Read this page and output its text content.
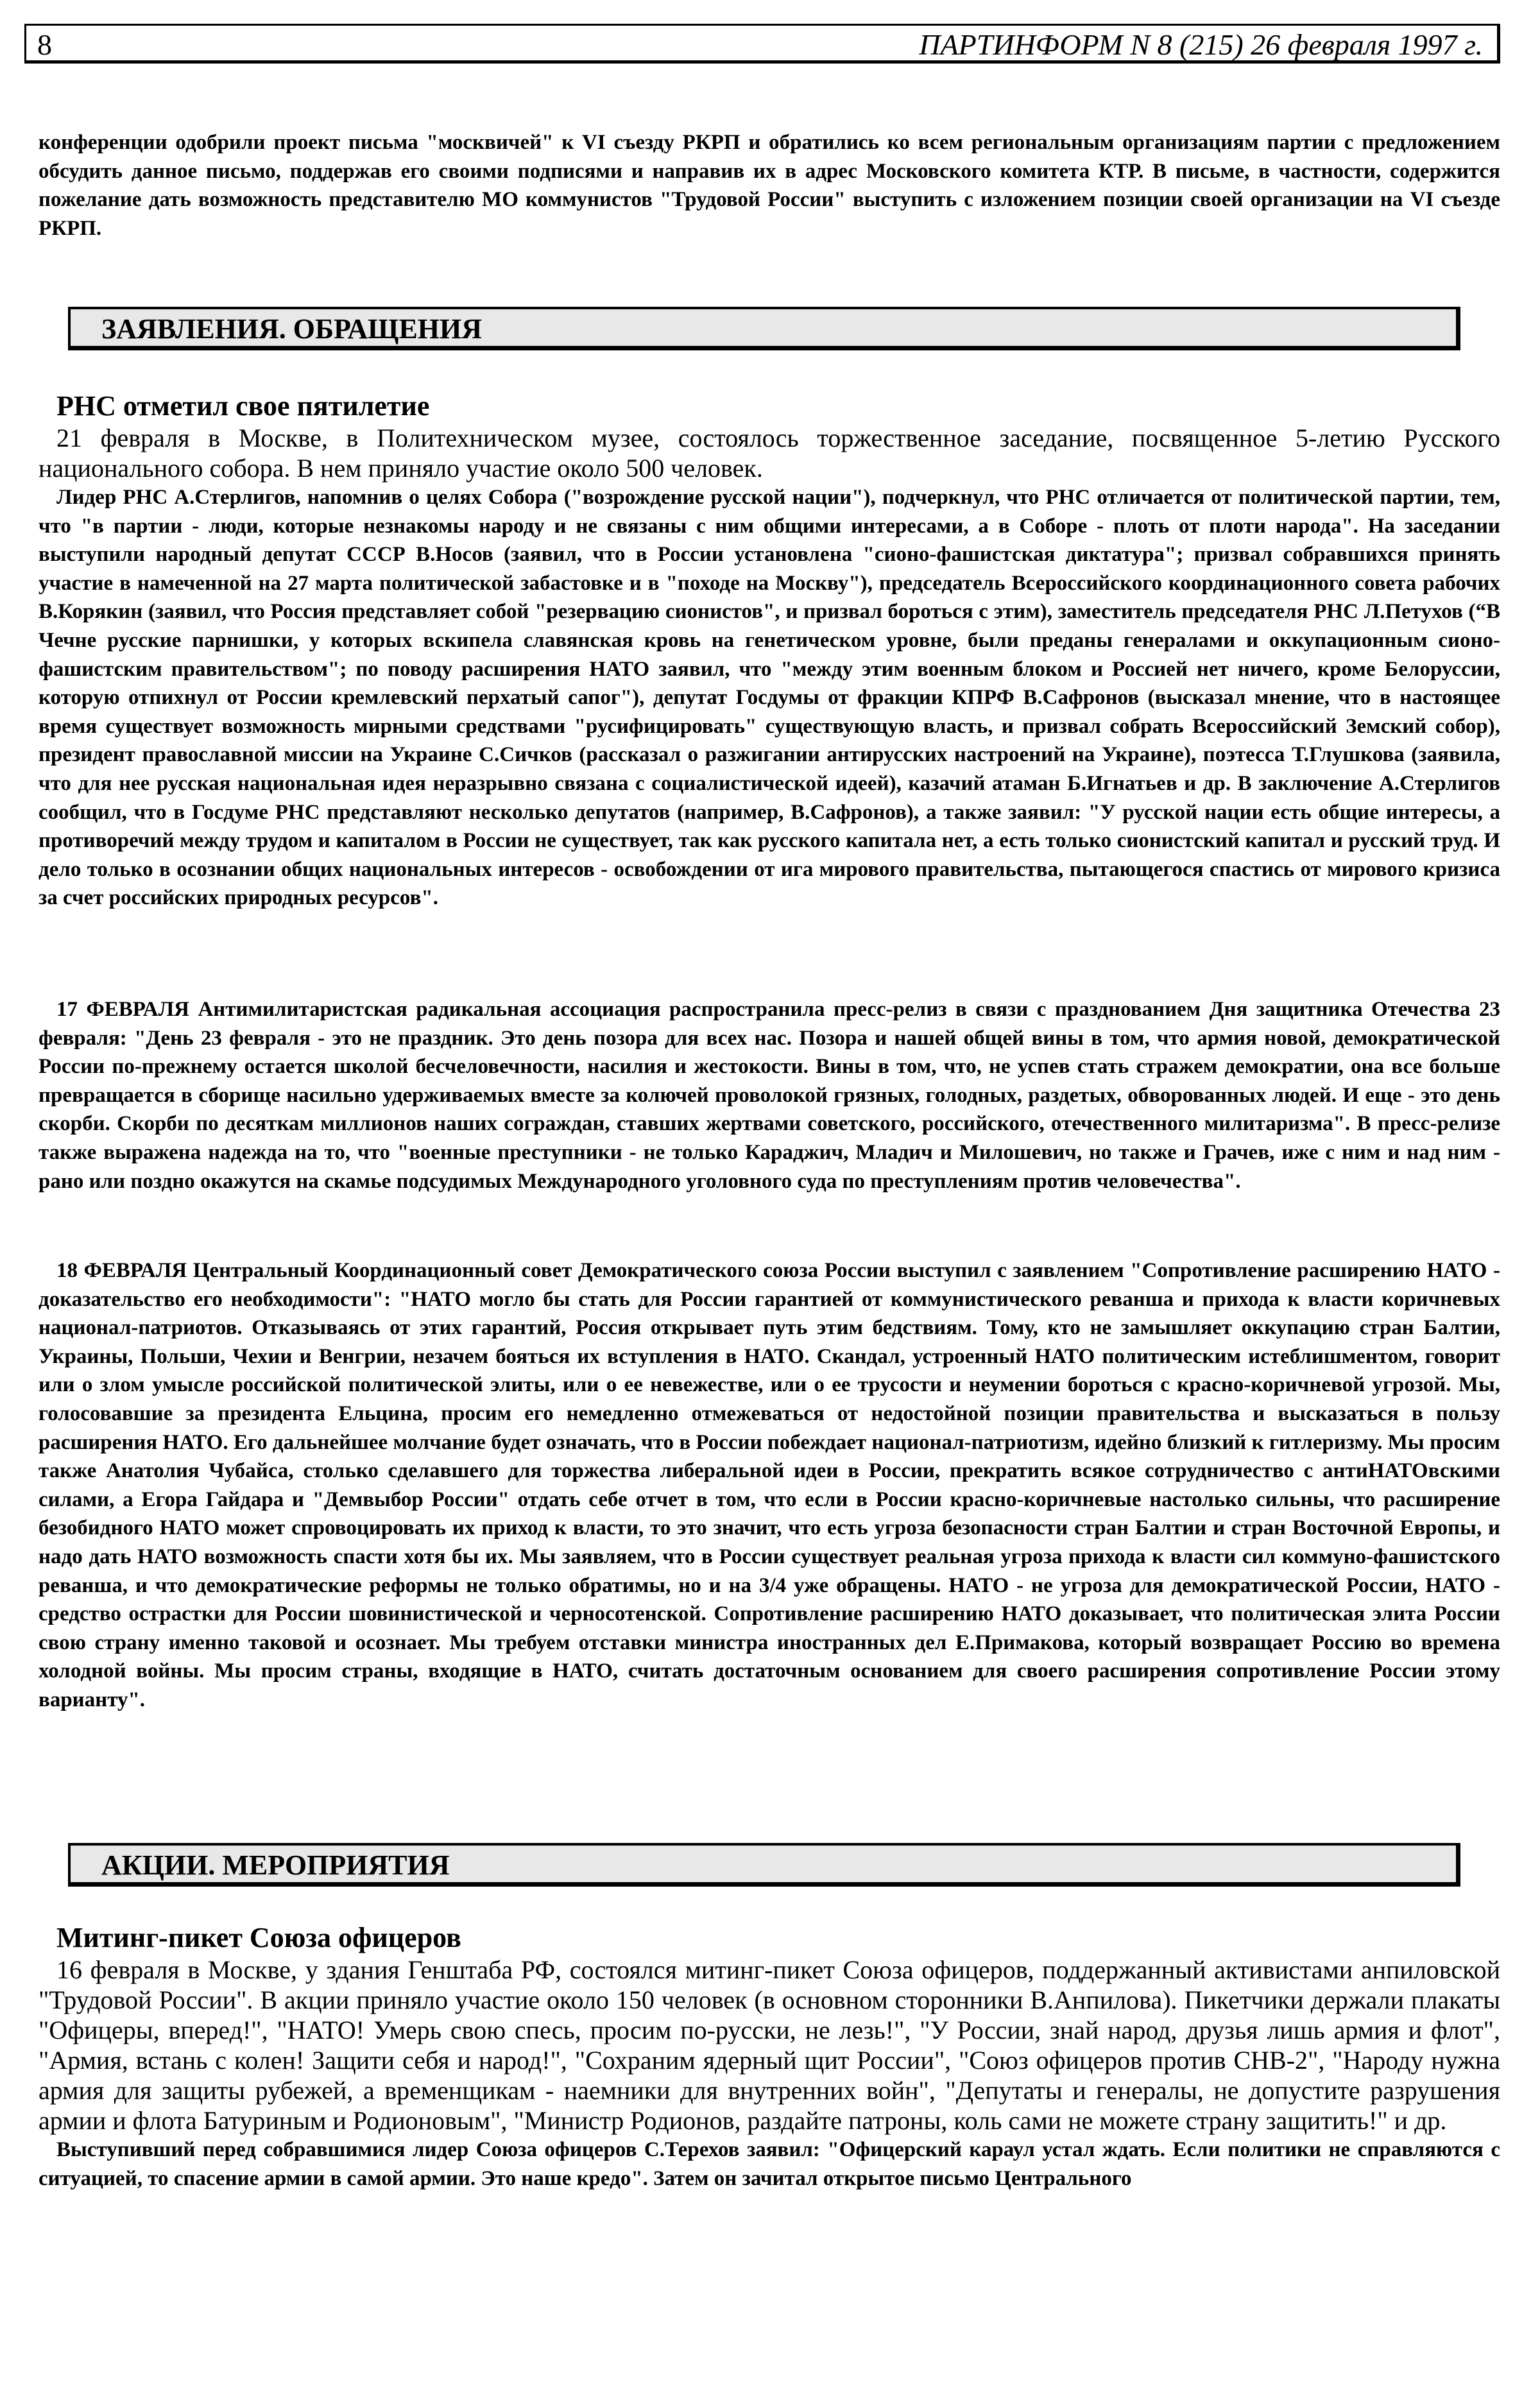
8	ПАРТИНФОРМ N 8 (215) 26 февраля 1997 г.

конференции одобрили проект письма "москвичей" к VI съезду РКРП и обратились ко всем региональным организациям партии с предложением обсудить данное письмо, поддержав его своими подписями и направив их в адрес Московского комитета КТР. В письме, в частности, содержится пожелание дать возможность представителю МО коммунистов "Трудовой России" выступить с изложением позиции своей организации на VI съезде РКРП.

ЗАЯВЛЕНИЯ. ОБРАЩЕНИЯ

РНС отметил свое пятилетие

21 февраля в Москве, в Политехническом музее, состоялось торжественное заседание, посвященное 5-летию Русского национального собора. В нем приняло участие около 500 человек.

Лидер РНС А.Стерлигов, напомнив о целях Собора ("возрождение русской нации"), подчеркнул, что РНС отличается от политической партии, тем, что "в партии - люди, которые незнакомы народу и не связаны с ним общими интересами, а в Соборе - плоть от плоти народа". На заседании выступили народный депутат СССР В.Носов (заявил, что в России установлена "сионо-фашистская диктатура"; призвал собравшихся принять участие в намеченной на 27 марта политической забастовке и в "походе на Москву"), председатель Всероссийского координационного совета рабочих В.Корякин (заявил, что Россия представляет собой "резервацию сионистов", и призвал бороться с этим), заместитель председателя РНС Л.Петухов (“В Чечне русские парнишки, у которых вскипела славянская кровь на генетическом уровне, были преданы генералами и оккупационным сионо-фашистским правительством"; по поводу расширения НАТО заявил, что "между этим военным блоком и Россией нет ничего, кроме Белоруссии, которую отпихнул от России кремлевский перхатый сапог"), депутат Госдумы от фракции КПРФ В.Сафронов (высказал мнение, что в настоящее время существует возможность мирными средствами "русифицировать" существующую власть, и призвал собрать Всероссийский Земский собор), президент православной миссии на Украине С.Сичков (рассказал о разжигании антирусских настроений на Украине), поэтесса Т.Глушкова (заявила, что для нее русская национальная идея неразрывно связана с социалистической идеей), казачий атаман Б.Игнатьев и др. В заключение А.Стерлигов сообщил, что в Госдуме РНС представляют несколько депутатов (например, В.Сафронов), а также заявил: "У русской нации есть общие интересы, а противоречий между трудом и капиталом в России не существует, так как русского капитала нет, а есть только сионистский капитал и русский труд. И дело только в осознании общих национальных интересов - освобождении от ига мирового правительства, пытающегося спастись от мирового кризиса за счет российских природных ресурсов".

17 ФЕВРАЛЯ Антимилитаристская радикальная ассоциация распространила пресс-релиз в связи с празднованием Дня защитника Отечества 23 февраля: "День 23 февраля - это не праздник. Это день позора для всех нас. Позора и нашей общей вины в том, что армия новой, демократической России по-прежнему остается школой бесчеловечности, насилия и жестокости. Вины в том, что, не успев стать стражем демократии, она все больше превращается в сборище насильно удерживаемых вместе за колючей проволокой грязных, голодных, раздетых, обворованных людей. И еще - это день скорби. Скорби по десяткам миллионов наших сограждан, ставших жертвами советского, российского, отечественного милитаризма". В пресс-релизе также выражена надежда на то, что "военные преступники - не только Караджич, Младич и Милошевич, но также и Грачев, иже с ним и над ним - рано или поздно окажутся на скамье подсудимых Международного уголовного суда по преступлениям против человечества".

18 ФЕВРАЛЯ Центральный Координационный совет Демократического союза России выступил с заявлением "Сопротивление расширению НАТО - доказательство его необходимости": "НАТО могло бы стать для России гарантией от коммунистического реванша и прихода к власти коричневых национал-патриотов. Отказываясь от этих гарантий, Россия открывает путь этим бедствиям. Тому, кто не замышляет оккупацию стран Балтии, Украины, Польши, Чехии и Венгрии, незачем бояться их вступления в НАТО. Скандал, устроенный НАТО политическим истеблишментом, говорит или о злом умысле российской политической элиты, или о ее невежестве, или о ее трусости и неумении бороться с красно-коричневой угрозой. Мы, голосовавшие за президента Ельцина, просим его немедленно отмежеваться от недостойной позиции правительства и высказаться в пользу расширения НАТО. Его дальнейшее молчание будет означать, что в России побеждает национал-патриотизм, идейно близкий к гитлеризму. Мы просим также Анатолия Чубайса, столько сделавшего для торжества либеральной идеи в России, прекратить всякое сотрудничество с антиНАТОвскими силами, а Егора Гайдара и "Демвыбор России" отдать себе отчет в том, что если в России красно-коричневые настолько сильны, что расширение безобидного НАТО может спровоцировать их приход к власти, то это значит, что есть угроза безопасности стран Балтии и стран Восточной Европы, и надо дать НАТО возможность спасти хотя бы их. Мы заявляем, что в России существует реальная угроза прихода к власти сил коммуно-фашистского реванша, и что демократические реформы не только обратимы, но и на 3/4 уже обращены. НАТО - не угроза для демократической России, НАТО - средство острастки для России шовинистической и черносотенской. Сопротивление расширению НАТО доказывает, что политическая элита России свою страну именно таковой и осознает. Мы требуем отставки министра иностранных дел Е.Примакова, который возвращает Россию во времена холодной войны. Мы просим страны, входящие в НАТО, считать достаточным основанием для своего расширения сопротивление России этому варианту".

АКЦИИ. МЕРОПРИЯТИЯ

Митинг-пикет Союза офицеров

16 февраля в Москве, у здания Генштаба РФ, состоялся митинг-пикет Союза офицеров, поддержанный активистами анпиловской "Трудовой России". В акции приняло участие около 150 человек (в основном сторонники В.Анпилова). Пикетчики держали плакаты "Офицеры, вперед!", "НАТО! Умерь свою спесь, просим по-русски, не лезь!", "У России, знай народ, друзья лишь армия и флот", "Армия, встань с колен! Защити себя и народ!", "Сохраним ядерный щит России", "Союз офицеров против СНВ-2", "Народу нужна армия для защиты рубежей, а временщикам - наемники для внутренних войн", "Депутаты и генералы, не допустите разрушения армии и флота Батуриным и Родионовым", "Министр Родионов, раздайте патроны, коль сами не можете страну защитить!" и др.

Выступивший перед собравшимися лидер Союза офицеров С.Терехов заявил: "Офицерский караул устал ждать. Если политики не справляются с ситуацией, то спасение армии в самой армии. Это наше кредо". Затем он зачитал открытое письмо Центрального
